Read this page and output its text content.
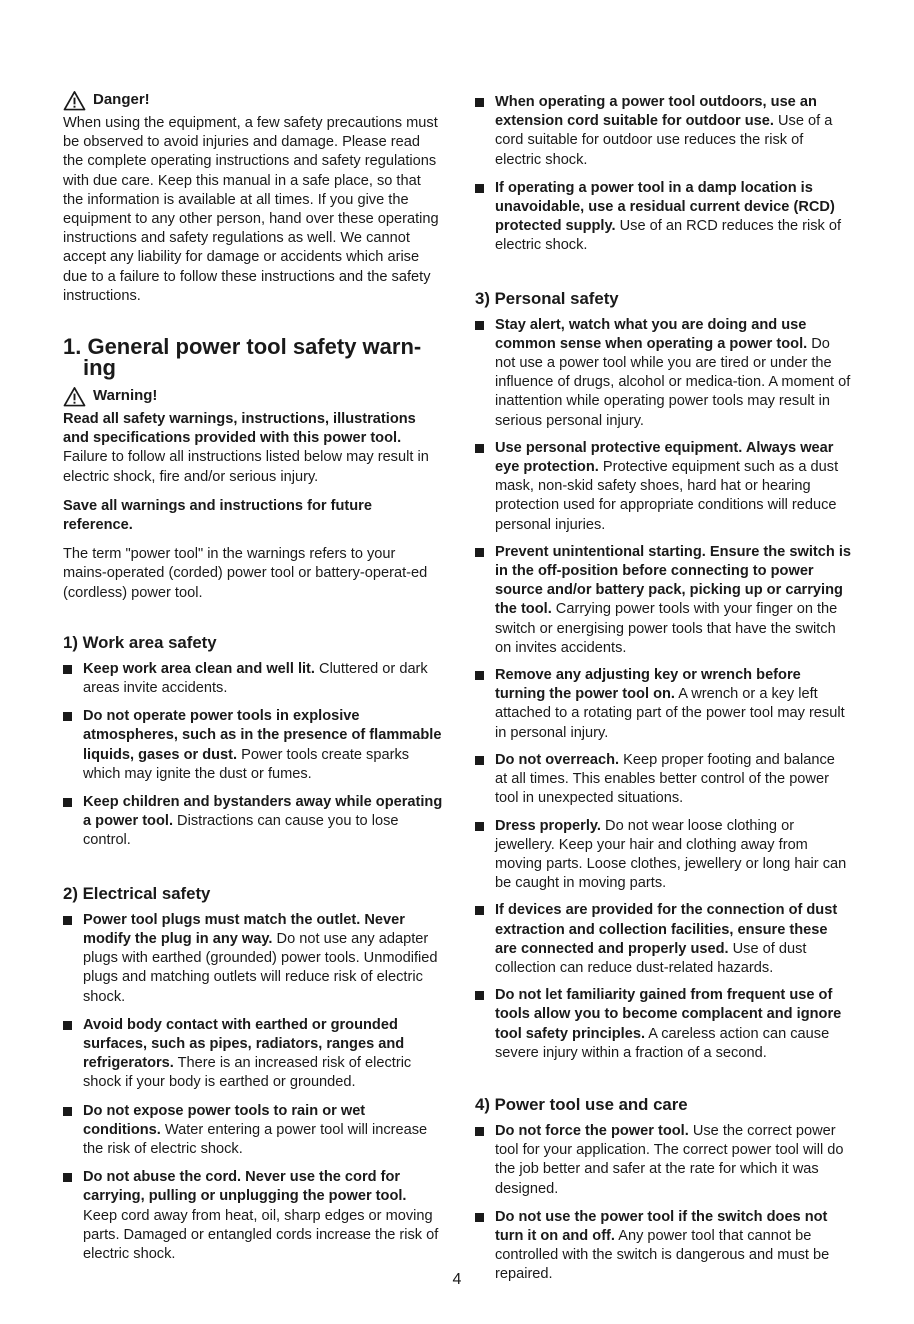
Danger!

When using the equipment, a few safety precautions must be observed to avoid injuries and damage. Please read the complete operating instructions and safety regulations with due care. Keep this manual in a safe place, so that the information is available at all times. If you give the equipment to any other person, hand over these operating instructions and safety regulations as well. We cannot accept any liability for damage or accidents which arise due to a failure to follow these instructions and the safety instructions.

1. General power tool safety warn-
ing
Warning!

Read all safety warnings, instructions, illustrations and specifications provided with this power tool. Failure to follow all instructions listed below may result in electric shock, fire and/or serious injury.

Save all warnings and instructions for future reference.

The term "power tool" in the warnings refers to your mains-operated (corded) power tool or battery-operat-ed (cordless) power tool.

1) Work area safety
Keep work area clean and well lit. Cluttered or dark areas invite accidents.
Do not operate power tools in explosive atmospheres, such as in the presence of flammable liquids, gases or dust. Power tools create sparks which may ignite the dust or fumes.
Keep children and bystanders away while operating a power tool. Distractions can cause you to lose control.
2) Electrical safety
Power tool plugs must match the outlet. Never modify the plug in any way. Do not use any adapter plugs with earthed (grounded) power tools. Unmodified plugs and matching outlets will reduce risk of electric shock.
Avoid body contact with earthed or grounded surfaces, such as pipes, radiators, ranges and refrigerators. There is an increased risk of electric shock if your body is earthed or grounded.
Do not expose power tools to rain or wet conditions. Water entering a power tool will increase the risk of electric shock.
Do not abuse the cord. Never use the cord for carrying, pulling or unplugging the power tool. Keep cord away from heat, oil, sharp edges or moving parts. Damaged or entangled cords increase the risk of electric shock.
When operating a power tool outdoors, use an extension cord suitable for outdoor use. Use of a cord suitable for outdoor use reduces the risk of electric shock.
If operating a power tool in a damp location is unavoidable, use a residual current device (RCD) protected supply. Use of an RCD reduces the risk of electric shock.
3) Personal safety
Stay alert, watch what you are doing and use common sense when operating a power tool. Do not use a power tool while you are tired or under the influence of drugs, alcohol or medica-tion. A moment of inattention while operating power tools may result in serious personal injury.
Use personal protective equipment. Always wear eye protection. Protective equipment such as a dust mask, non-skid safety shoes, hard hat or hearing protection used for appropriate conditions will reduce personal injuries.
Prevent unintentional starting. Ensure the switch is in the off-position before connecting to power source and/or battery pack, picking up or carrying the tool. Carrying power tools with your finger on the switch or energising power tools that have the switch on invites accidents.
Remove any adjusting key or wrench before turning the power tool on. A wrench or a key left attached to a rotating part of the power tool may result in personal injury.
Do not overreach. Keep proper footing and balance at all times. This enables better control of the power tool in unexpected situations.
Dress properly. Do not wear loose clothing or jewellery. Keep your hair and clothing away from moving parts. Loose clothes, jewellery or long hair can be caught in moving parts.
If devices are provided for the connection of dust extraction and collection facilities, ensure these are connected and properly used. Use of dust collection can reduce dust-related hazards.
Do not let familiarity gained from frequent use of tools allow you to become complacent and ignore tool safety principles. A careless action can cause severe injury within a fraction of a second.
4) Power tool use and care
Do not force the power tool. Use the correct power tool for your application. The correct power tool will do the job better and safer at the rate for which it was designed.
Do not use the power tool if the switch does not turn it on and off. Any power tool that cannot be controlled with the switch is dangerous and must be repaired.
4
